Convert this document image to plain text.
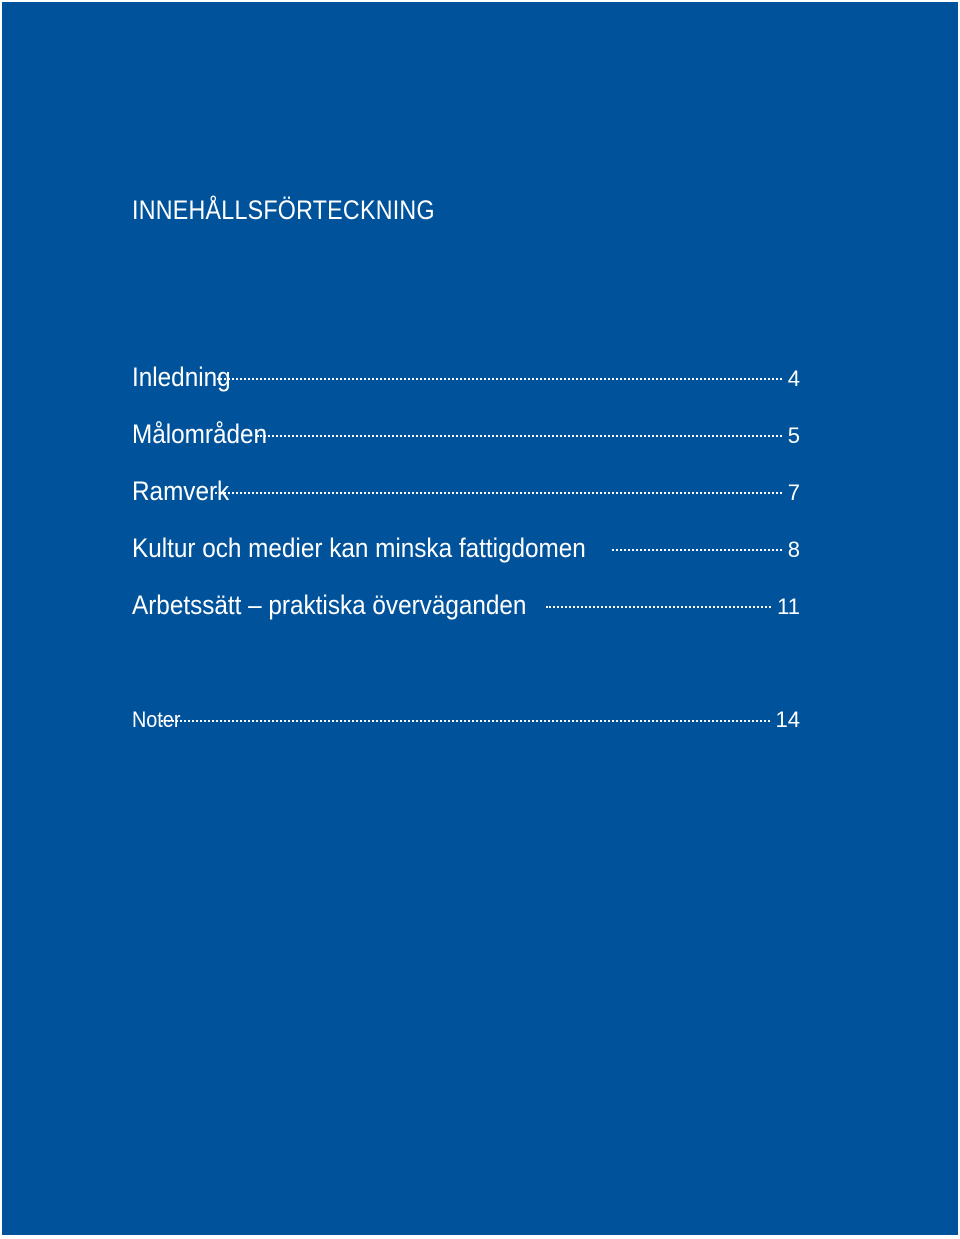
INNEHÅLLSFÖRTECKNING
Inledning	4
Målområden	5
Ramverk	7
Kultur och medier kan minska fattigdomen	8
Arbetssätt – praktiska överväganden	11
Noter	14
